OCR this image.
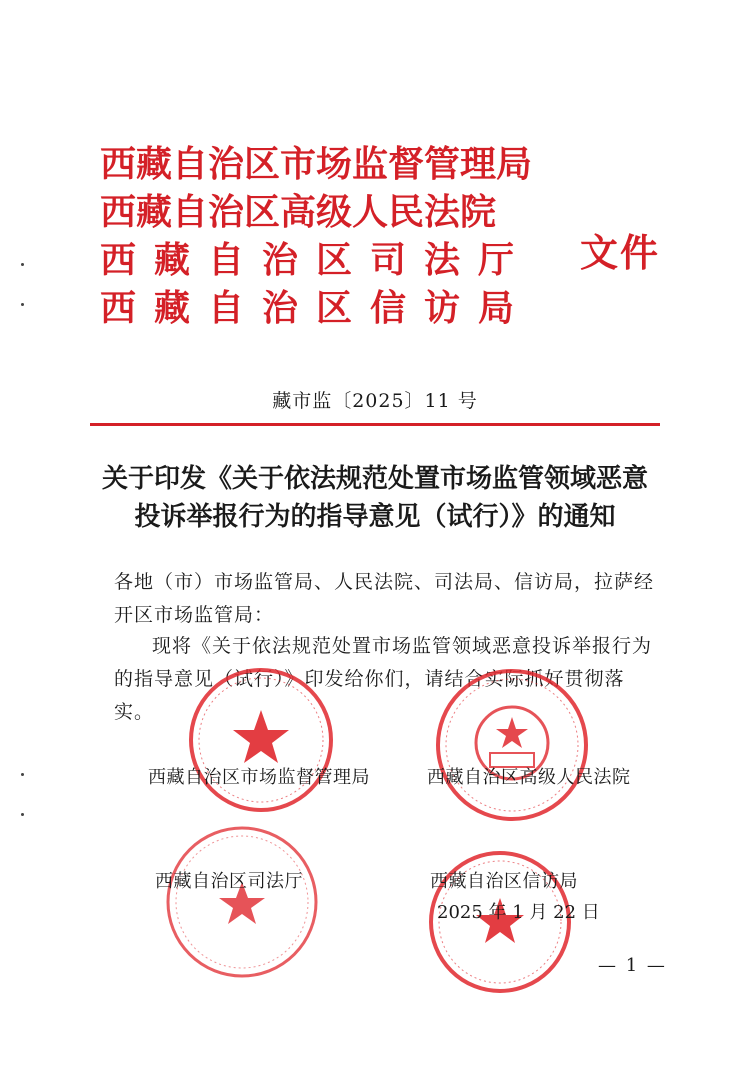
西藏自治区市场监督管理局
西藏自治区高级人民法院
西藏自治区司法厅
西藏自治区信访局
文件
藏市监〔2025〕11 号
关于印发《关于依法规范处置市场监管领域恶意
投诉举报行为的指导意见（试行）》的通知
各地（市）市场监管局、人民法院、司法局、信访局，拉萨经开区市场监管局：
现将《关于依法规范处置市场监管领域恶意投诉举报行为的指导意见（试行）》印发给你们，请结合实际抓好贯彻落实。
西藏自治区市场监督管理局	西藏自治区高级人民法院
西藏自治区司法厅	西藏自治区信访局
2025 年 1 月 22 日
— 1 —
